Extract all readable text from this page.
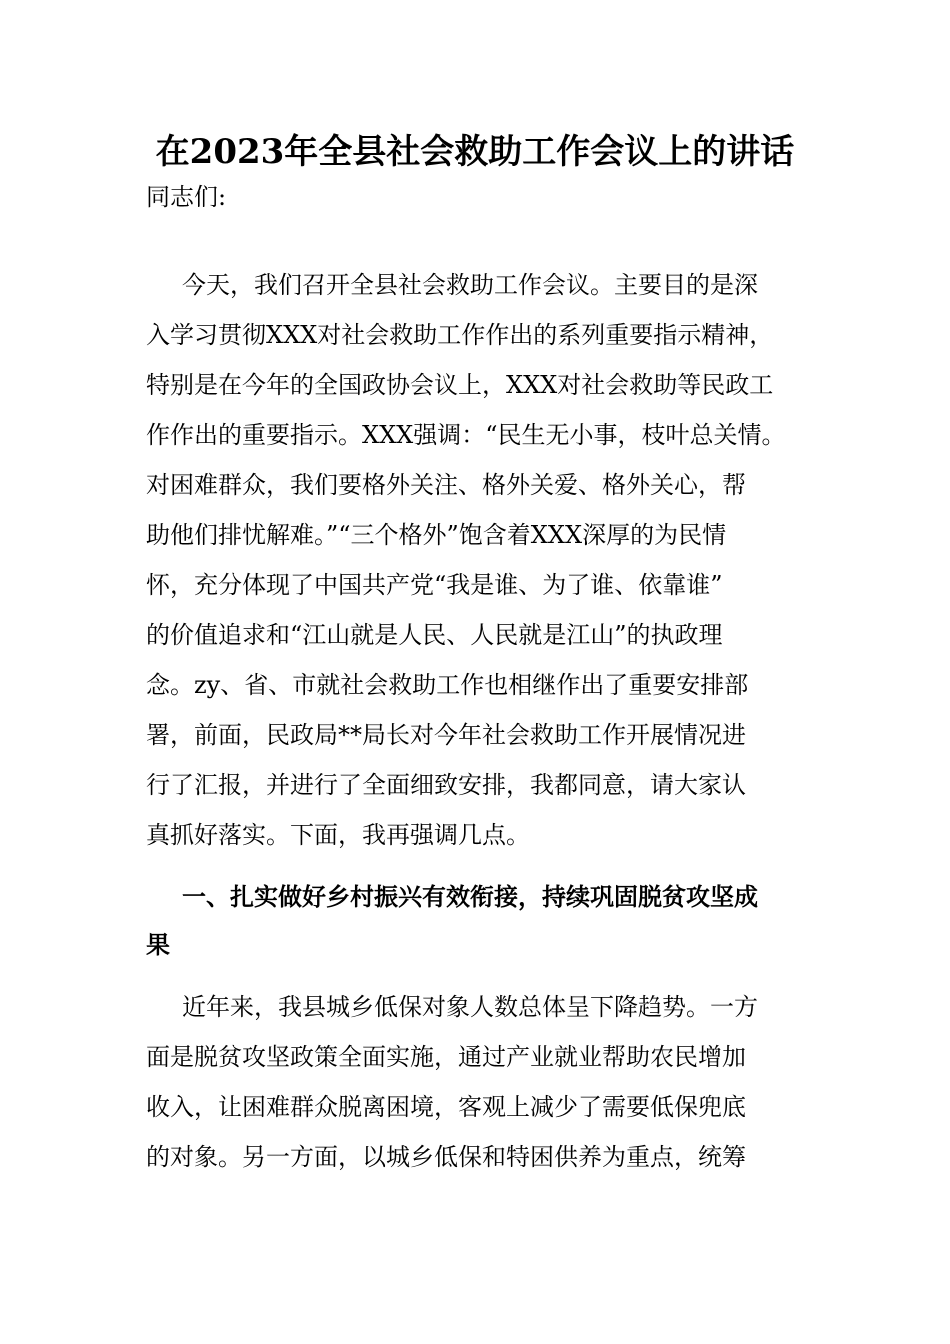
在2023年全县社会救助工作会议上的讲话
同志们:
今天，我们召开全县社会救助工作会议。主要目的是深
入学习贯彻XXX对社会救助工作作出的系列重要指示精神，
特别是在今年的全国政协会议上，XXX对社会救助等民政工
作作出的重要指示。XXX强调：“民生无小事，枝叶总关情。
对困难群众，我们要格外关注、格外关爱、格外关心，帮
助他们排忧解难。”“三个格外”饱含着XXX深厚的为民情
怀，充分体现了中国共产党“我是谁、为了谁、依靠谁”
的价值追求和“江山就是人民、人民就是江山”的执政理
念。zy、省、市就社会救助工作也相继作出了重要安排部
署，前面，民政局**局长对今年社会救助工作开展情况进
行了汇报，并进行了全面细致安排，我都同意，请大家认
真抓好落实。下面，我再强调几点。
一、扎实做好乡村振兴有效衔接，持续巩固脱贫攻坚成
果
近年来，我县城乡低保对象人数总体呈下降趋势。一方
面是脱贫攻坚政策全面实施，通过产业就业帮助农民增加
收入，让困难群众脱离困境，客观上减少了需要低保兜底
的对象。另一方面，以城乡低保和特困供养为重点，统筹
